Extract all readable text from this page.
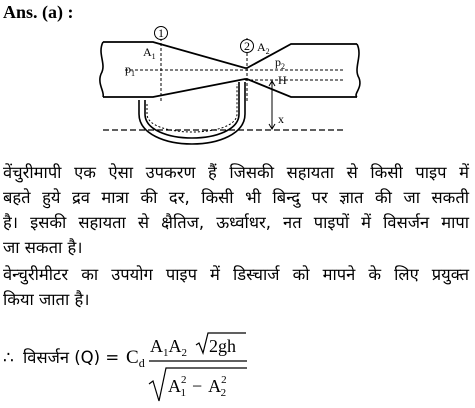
Ans. (a) :
1
2
$A_1$
$A_2$
$p_1$
$p_2$
H
x
वेंचुरीमापी एक ऐसा उपकरण हैं जिसकी सहायता से किसी पाइप में
बहते हुये द्रव मात्रा की दर, किसी भी बिन्दु पर ज्ञात की जा सकती
है। इसकी सहायता से क्षैतिज, ऊर्ध्वाधर, नत पाइपों में विसर्जन मापा
जा सकता है।
वेन्चुरीमीटर का उपयोग पाइप में डिस्चार्ज को मापने के लिए प्रयुक्त
किया जाता है।
∴ विसर्जन $(Q) = C_d$
$A_1A_2$ 2gh
$A^2$ $1 - A^2$ 2
